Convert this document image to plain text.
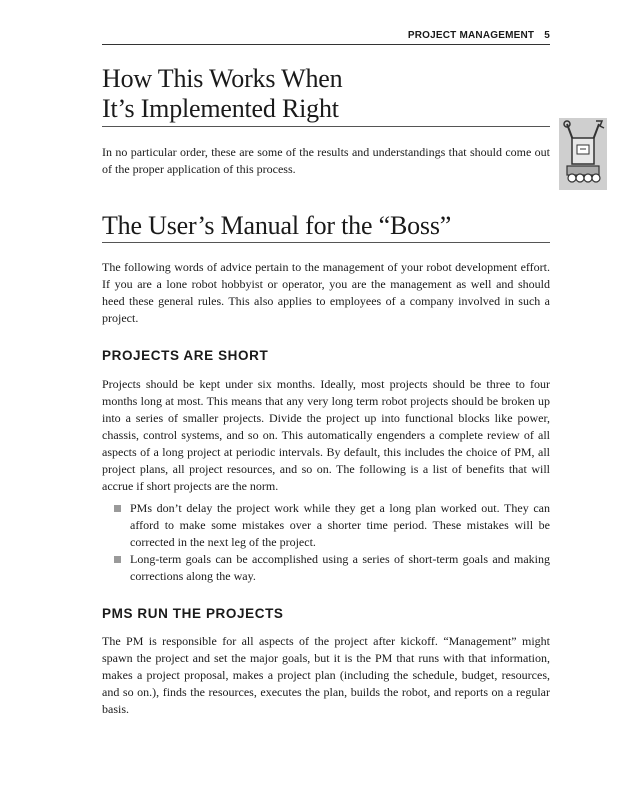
PROJECT MANAGEMENT 5
How This Works When
It’s Implemented Right

In no particular order, these are some of the results and understandings that should come out of the proper application of this process.

The User’s Manual for the “Boss”

The following words of advice pertain to the management of your robot development effort. If you are a lone robot hobbyist or operator, you are the management as well and should heed these general rules. This also applies to employees of a company involved in such a project.

PROJECTS ARE SHORT

Projects should be kept under six months. Ideally, most projects should be three to four months long at most. This means that any very long term robot projects should be broken up into a series of smaller projects. Divide the project up into functional blocks like power, chassis, control systems, and so on. This automatically engenders a complete review of all aspects of a long project at periodic intervals. By default, this includes the choice of PM, all project plans, all project resources, and so on. The following is a list of benefits that will accrue if short projects are the norm.

PMs don’t delay the project work while they get a long plan worked out. They can afford to make some mistakes over a shorter time period. These mistakes will be corrected in the next leg of the project.
Long-term goals can be accomplished using a series of short-term goals and making corrections along the way.
PMS RUN THE PROJECTS

The PM is responsible for all aspects of the project after kickoff. “Management” might spawn the project and set the major goals, but it is the PM that runs with that information, makes a project proposal, makes a project plan (including the schedule, budget, resources, and so on.), finds the resources, executes the plan, builds the robot, and reports on a regular basis.
